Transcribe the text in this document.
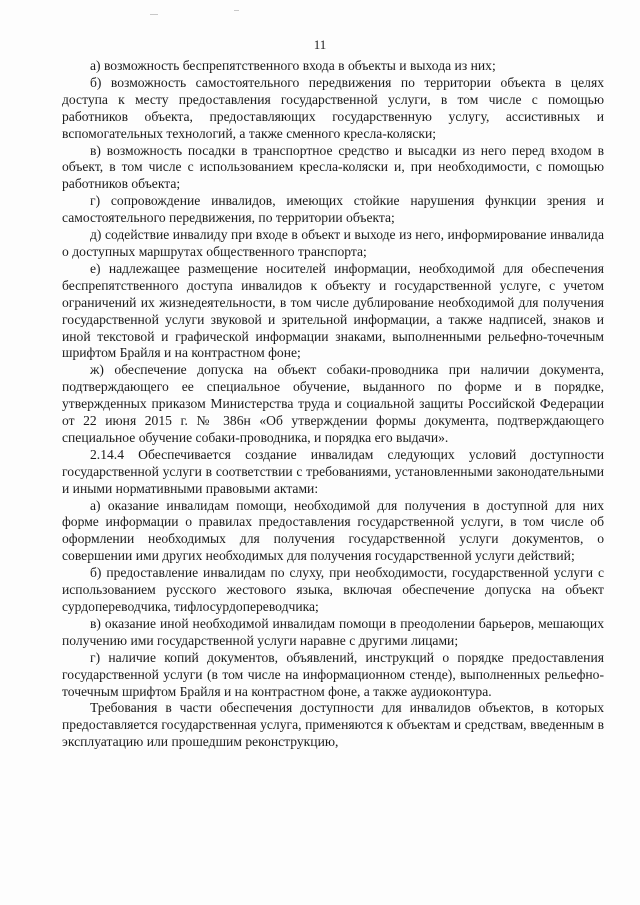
11

а) возможность беспрепятственного входа в объекты и выхода из них;

б) возможность самостоятельного передвижения по территории объекта в целях доступа к месту предоставления государственной услуги, в том числе с помощью работников объекта, предоставляющих государственную услугу, ассистивных и вспомогательных технологий, а также сменного кресла-коляски;

в) возможность посадки в транспортное средство и высадки из него перед входом в объект, в том числе с использованием кресла-коляски и, при необходимости, с помощью работников объекта;

г) сопровождение инвалидов, имеющих стойкие нарушения функции зрения и самостоятельного передвижения, по территории объекта;

д) содействие инвалиду при входе в объект и выходе из него, информирование инвалида о доступных маршрутах общественного транспорта;

е) надлежащее размещение носителей информации, необходимой для обеспечения беспрепятственного доступа инвалидов к объекту и государственной услуге, с учетом ограничений их жизнедеятельности, в том числе дублирование необходимой для получения государственной услуги звуковой и зрительной информации, а также надписей, знаков и иной текстовой и графической информации знаками, выполненными рельефно-точечным шрифтом Брайля и на контрастном фоне;

ж) обеспечение допуска на объект собаки-проводника при наличии документа, подтверждающего ее специальное обучение, выданного по форме и в порядке, утвержденных приказом Министерства труда и социальной защиты Российской Федерации от 22 июня 2015 г. № 386н «Об утверждении формы документа, подтверждающего специальное обучение собаки-проводника, и порядка его выдачи».

2.14.4 Обеспечивается создание инвалидам следующих условий доступности государственной услуги в соответствии с требованиями, установленными законодательными и иными нормативными правовыми актами:

а) оказание инвалидам помощи, необходимой для получения в доступной для них форме информации о правилах предоставления государственной услуги, в том числе об оформлении необходимых для получения государственной услуги документов, о совершении ими других необходимых для получения государственной услуги действий;

б) предоставление инвалидам по слуху, при необходимости, государственной услуги с использованием русского жестового языка, включая обеспечение допуска на объект сурдопереводчика, тифлосурдопереводчика;

в) оказание иной необходимой инвалидам помощи в преодолении барьеров, мешающих получению ими государственной услуги наравне с другими лицами;

г) наличие копий документов, объявлений, инструкций о порядке предоставления государственной услуги (в том числе на информационном стенде), выполненных рельефно-точечным шрифтом Брайля и на контрастном фоне, а также аудиоконтура.

Требования в части обеспечения доступности для инвалидов объектов, в которых предоставляется государственная услуга, применяются к объектам и средствам, введенным в эксплуатацию или прошедшим реконструкцию,
